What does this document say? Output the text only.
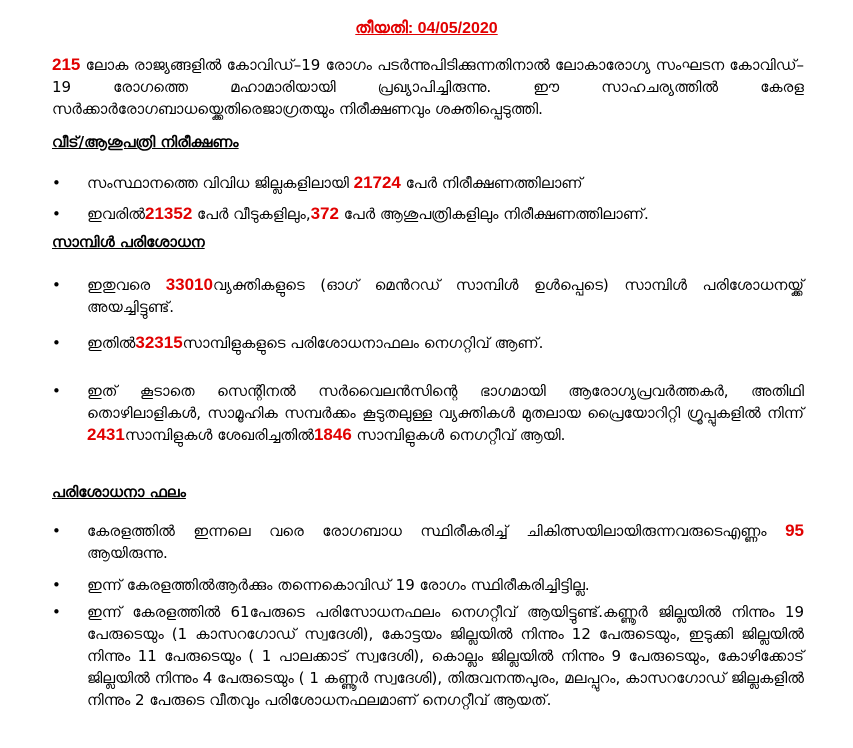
തീയതി: 04/05/2020

215 ലോക രാജ്യങ്ങളിൽ കോവിഡ്–19 രോഗം പടർന്നുപിടിക്കുന്നതിനാൽ ലോകാരോഗ്യ സംഘടന കോവിഡ്–19 രോഗത്തെ മഹാമാരിയായി പ്രഖ്യാപിച്ചിരുന്നു. ഈ സാഹചര്യത്തിൽ കേരള സർക്കാർരോഗബാധയ്ക്കെതിരെജാഗ്രതയും നിരീക്ഷണവും ശക്തിപ്പെടുത്തി.

വീട്/ആശുപത്രി നിരീക്ഷണം

• സംസ്ഥാനത്തെ വിവിധ ജില്ലകളിലായി 21724 പേർ നിരീക്ഷണത്തിലാണ്
• ഇവരിൽ21352 പേർ വീടുകളിലും,372 പേർ ആശുപത്രികളിലും നിരീക്ഷണത്തിലാണ്.

സാമ്പിൾ പരിശോധന

• ഇതുവരെ 33010വ്യക്തികളുടെ (ഓഗ് മെൻറഡ് സാമ്പിൾ ഉൾപ്പെടെ) സാമ്പിൾ പരിശോധനയ്ക്ക് അയച്ചിട്ടുണ്ട്.
• ഇതിൽ32315സാമ്പിളുകളുടെ പരിശോധനാഫലം നെഗറ്റിവ് ആണ്.
• ഇത് കൂടാതെ സെന്റിനൽ സർവൈലൻസിന്റെ ഭാഗമായി ആരോഗ്യപ്രവർത്തകർ, അതിഥി തൊഴിലാളികൾ, സാമൂഹിക സമ്പർക്കം കൂടുതലുള്ള വ്യക്തികൾ മുതലായ പ്രൈയോറിറ്റി ഗ്രൂപ്പുകളിൽ നിന്ന് 2431സാമ്പിളുകൾ ശേഖരിച്ചതിൽ1846 സാമ്പിളുകൾ നെഗറ്റീവ് ആയി.

പരിശോധനാ ഫലം

• കേരളത്തിൽ ഇന്നലെ വരെ രോഗബാധ സ്ഥിരീകരിച്ച് ചികിത്സയിലായിരുന്നവരുടെഎണ്ണം 95 ആയിരുന്നു.
• ഇന്ന് കേരളത്തിൽആർക്കും തന്നെകൊവിഡ് 19 രോഗം സ്ഥിരീകരിച്ചിട്ടില്ല.
• ഇന്ന് കേരളത്തിൽ 61പേരുടെ പരിസോധനഫലം നെഗറ്റീവ് ആയിട്ടുണ്ട്.കണ്ണൂർ ജില്ലയിൽ നിന്നും 19 പേരുടെയും (1 കാസറഗോഡ് സ്വദേശി), കോട്ടയം ജില്ലയിൽ നിന്നും 12 പേരുടെയും, ഇടുക്കി ജില്ലയിൽ നിന്നും 11 പേരുടെയും ( 1 പാലക്കാട് സ്വദേശി), കൊല്ലം ജില്ലയിൽ നിന്നും 9 പേരുടെയും, കോഴിക്കോട് ജില്ലയിൽ നിന്നും 4 പേരുടെയും ( 1 കണ്ണൂർ സ്വദേശി), തിരുവനന്തപുരം, മലപ്പുറം, കാസറഗോഡ് ജില്ലകളിൽ നിന്നും 2 പേരുടെ വീതവും പരിശോധനഫലമാണ് നെഗറ്റീവ് ആയത്.
